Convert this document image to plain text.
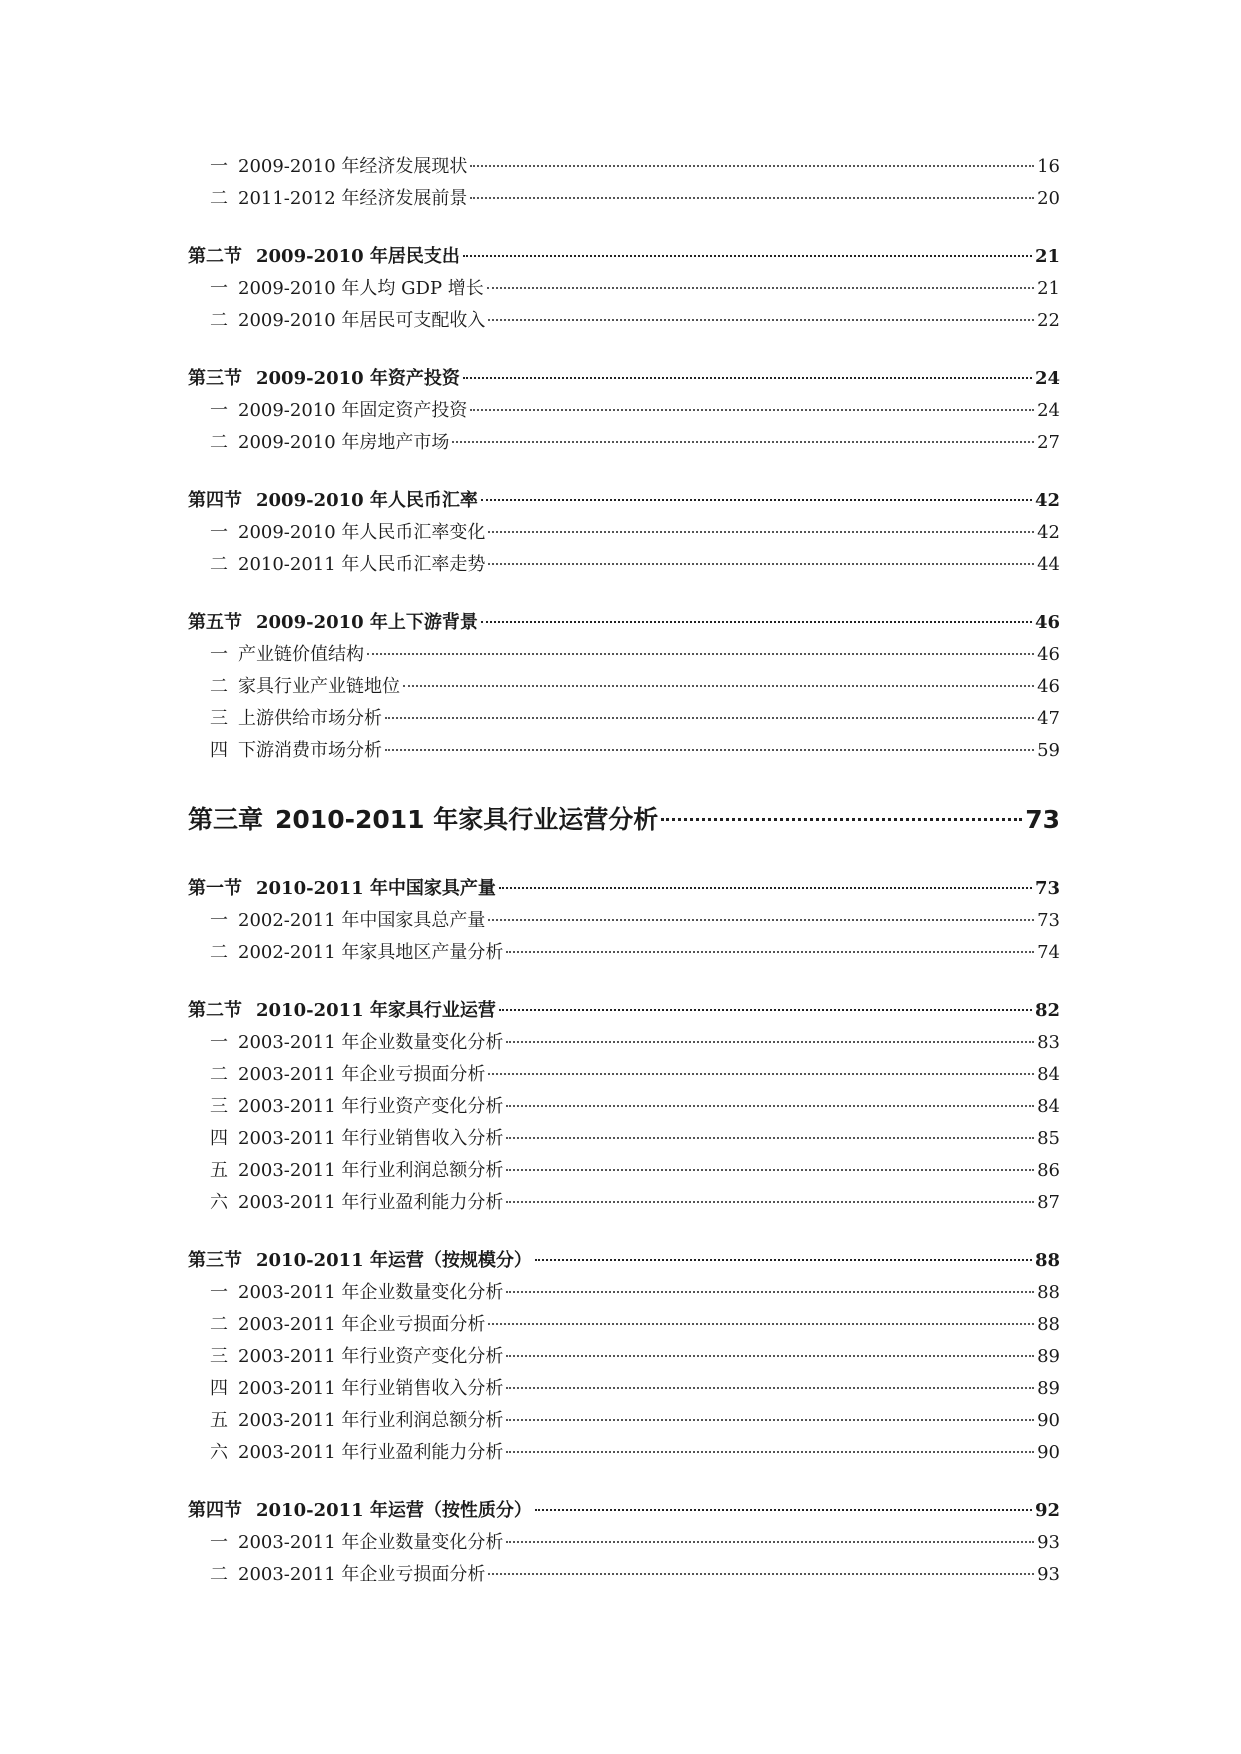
一 2009-2010 年经济发展现状	16
二 2011-2012 年经济发展前景	20
第二节 2009-2010 年居民支出	21
一 2009-2010 年人均 GDP 增长	21
二 2009-2010 年居民可支配收入	22
第三节 2009-2010 年资产投资	24
一 2009-2010 年固定资产投资	24
二 2009-2010 年房地产市场	27
第四节 2009-2010 年人民币汇率	42
一 2009-2010 年人民币汇率变化	42
二 2010-2011 年人民币汇率走势	44
第五节 2009-2010 年上下游背景	46
一 产业链价值结构	46
二 家具行业产业链地位	46
三 上游供给市场分析	47
四 下游消费市场分析	59
第三章 2010-2011 年家具行业运营分析	73
第一节 2010-2011 年中国家具产量	73
一 2002-2011 年中国家具总产量	73
二 2002-2011 年家具地区产量分析	74
第二节 2010-2011 年家具行业运营	82
一 2003-2011 年企业数量变化分析	83
二 2003-2011 年企业亏损面分析	84
三 2003-2011 年行业资产变化分析	84
四 2003-2011 年行业销售收入分析	85
五 2003-2011 年行业利润总额分析	86
六 2003-2011 年行业盈利能力分析	87
第三节 2010-2011 年运营（按规模分）	88
一 2003-2011 年企业数量变化分析	88
二 2003-2011 年企业亏损面分析	88
三 2003-2011 年行业资产变化分析	89
四 2003-2011 年行业销售收入分析	89
五 2003-2011 年行业利润总额分析	90
六 2003-2011 年行业盈利能力分析	90
第四节 2010-2011 年运营（按性质分）	92
一 2003-2011 年企业数量变化分析	93
二 2003-2011 年企业亏损面分析	93
